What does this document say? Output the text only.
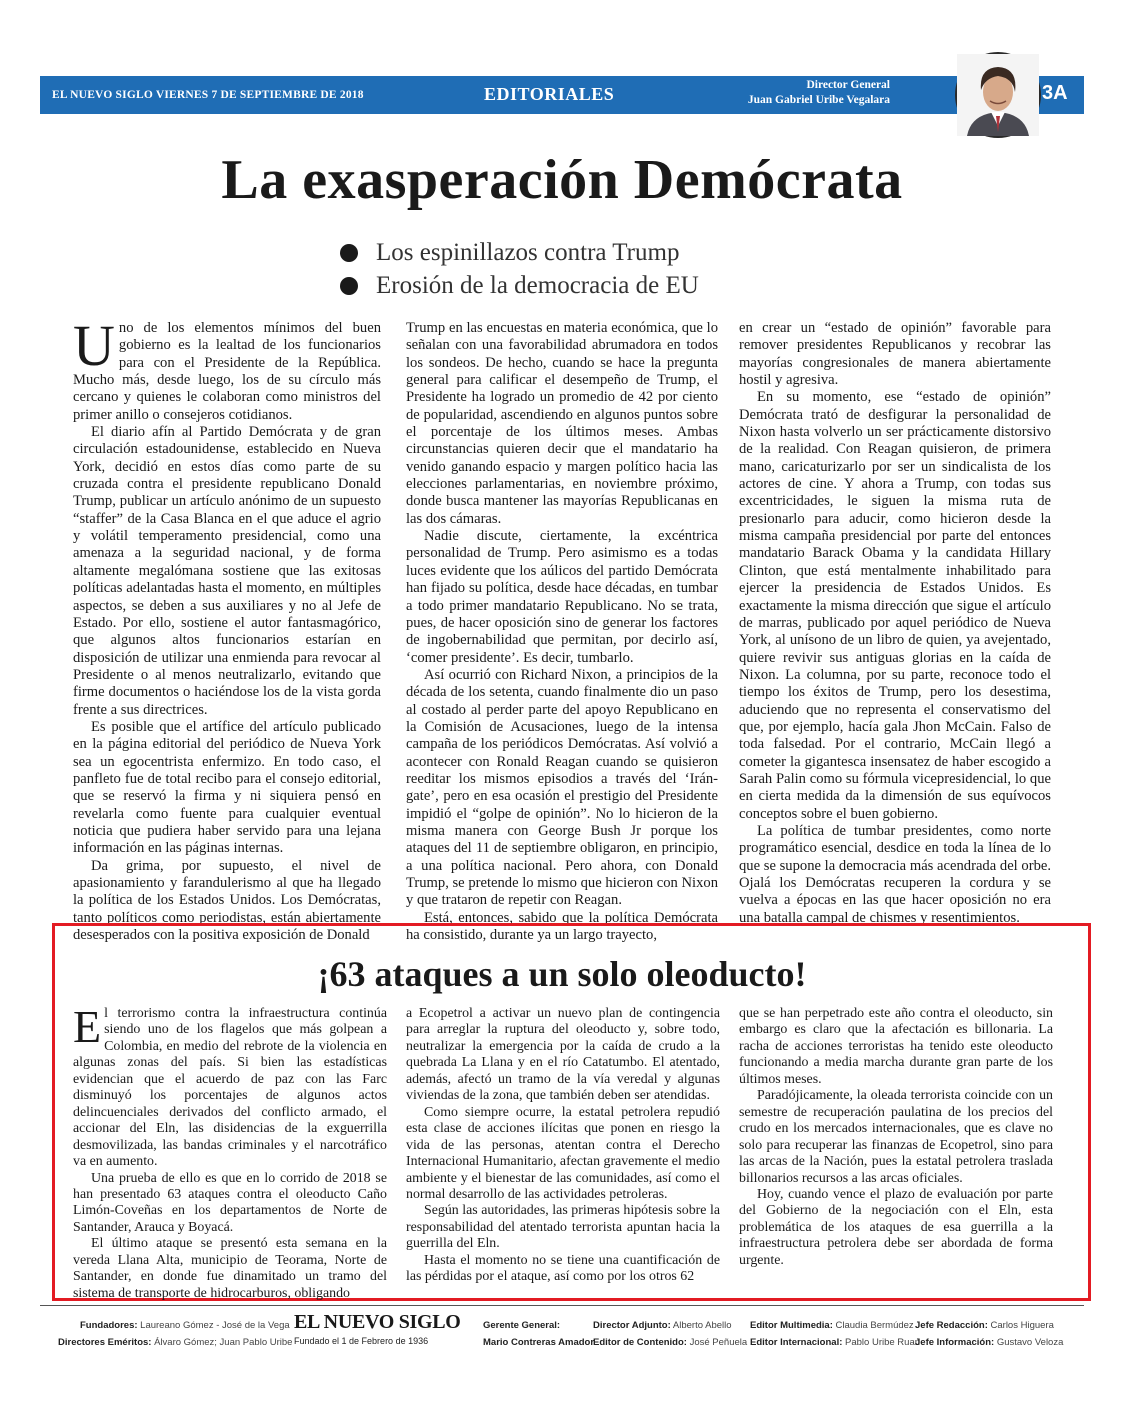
EL NUEVO SIGLO VIERNES 7 DE SEPTIEMBRE DE 2018	EDITORIALES	Director General
Juan Gabriel Uribe Vegalara	3A
La exasperación Demócrata
Los espinillazos contra Trump
Erosión de la democracia de EU
U no de los elementos mínimos del buen gobierno es la lealtad de los funcionarios para con el Presidente de la República. Mucho más, desde luego, los de su círculo más cercano y quienes le colaboran como ministros del primer anillo o consejeros cotidianos.

El diario afín al Partido Demócrata y de gran circulación estadounidense, establecido en Nueva York, decidió en estos días como parte de su cruzada contra el presidente republicano Donald Trump, publicar un artículo anónimo de un supuesto “staffer” de la Casa Blanca en el que aduce el agrio y volátil temperamento presidencial, como una amenaza a la seguridad nacional, y de forma altamente megalómana sostiene que las exitosas políticas adelantadas hasta el momento, en múltiples aspectos, se deben a sus auxiliares y no al Jefe de Estado. Por ello, sostiene el autor fantasmagórico, que algunos altos funcionarios estarían en disposición de utilizar una enmienda para revocar al Presidente o al menos neutralizarlo, evitando que firme documentos o haciéndose los de la vista gorda frente a sus directrices.

Es posible que el artífice del artículo publicado en la página editorial del periódico de Nueva York sea un egocentrista enfermizo. En todo caso, el panfleto fue de total recibo para el consejo editorial, que se reservó la firma y ni siquiera pensó en revelarla como fuente para cualquier eventual noticia que pudiera haber servido para una lejana información en las páginas internas.

Da grima, por supuesto, el nivel de apasionamiento y farandulerismo al que ha llegado la política de los Estados Unidos. Los Demócratas, tanto políticos como periodistas, están abiertamente desesperados con la positiva exposición de Donald

Trump en las encuestas en materia económica, que lo señalan con una favorabilidad abrumadora en todos los sondeos. De hecho, cuando se hace la pregunta general para calificar el desempeño de Trump, el Presidente ha logrado un promedio de 42 por ciento de popularidad, ascendiendo en algunos puntos sobre el porcentaje de los últimos meses. Ambas circunstancias quieren decir que el mandatario ha venido ganando espacio y margen político hacia las elecciones parlamentarias, en noviembre próximo, donde busca mantener las mayorías Republicanas en las dos cámaras.

Nadie discute, ciertamente, la excéntrica personalidad de Trump. Pero asimismo es a todas luces evidente que los aúlicos del partido Demócrata han fijado su política, desde hace décadas, en tumbar a todo primer mandatario Republicano. No se trata, pues, de hacer oposición sino de generar los factores de ingobernabilidad que permitan, por decirlo así, ‘comer presidente’. Es decir, tumbarlo.

Así ocurrió con Richard Nixon, a principios de la década de los setenta, cuando finalmente dio un paso al costado al perder parte del apoyo Republicano en la Comisión de Acusaciones, luego de la intensa campaña de los periódicos Demócratas. Así volvió a acontecer con Ronald Reagan cuando se quisieron reeditar los mismos episodios a través del ‘Irán-gate’, pero en esa ocasión el prestigio del Presidente impidió el “golpe de opinión”. No lo hicieron de la misma manera con George Bush Jr porque los ataques del 11 de septiembre obligaron, en principio, a una política nacional. Pero ahora, con Donald Trump, se pretende lo mismo que hicieron con Nixon y que trataron de repetir con Reagan.

Está, entonces, sabido que la política Demócrata ha consistido, durante ya un largo trayecto,

en crear un “estado de opinión” favorable para remover presidentes Republicanos y recobrar las mayorías congresionales de manera abiertamente hostil y agresiva.

En su momento, ese “estado de opinión” Demócrata trató de desfigurar la personalidad de Nixon hasta volverlo un ser prácticamente distorsivo de la realidad. Con Reagan quisieron, de primera mano, caricaturizarlo por ser un sindicalista de los actores de cine. Y ahora a Trump, con todas sus excentricidades, le siguen la misma ruta de presionarlo para aducir, como hicieron desde la misma campaña presidencial por parte del entonces mandatario Barack Obama y la candidata Hillary Clinton, que está mentalmente inhabilitado para ejercer la presidencia de Estados Unidos. Es exactamente la misma dirección que sigue el artículo de marras, publicado por aquel periódico de Nueva York, al unísono de un libro de quien, ya avejentado, quiere revivir sus antiguas glorias en la caída de Nixon. La columna, por su parte, reconoce todo el tiempo los éxitos de Trump, pero los desestima, aduciendo que no representa el conservatismo del que, por ejemplo, hacía gala Jhon McCain. Falso de toda falsedad. Por el contrario, McCain llegó a cometer la gigantesca insensatez de haber escogido a Sarah Palin como su fórmula vicepresidencial, lo que en cierta medida da la dimensión de sus equívocos conceptos sobre el buen gobierno.

La política de tumbar presidentes, como norte programático esencial, desdice en toda la línea de lo que se supone la democracia más acendrada del orbe. Ojalá los Demócratas recuperen la cordura y se vuelva a épocas en las que hacer oposición no era una batalla campal de chismes y resentimientos.

¡63 ataques a un solo oleoducto!
E l terrorismo contra la infraestructura continúa siendo uno de los flagelos que más golpean a Colombia, en medio del rebrote de la violencia en algunas zonas del país. Si bien las estadísticas evidencian que el acuerdo de paz con las Farc disminuyó los porcentajes de algunos actos delincuenciales derivados del conflicto armado, el accionar del Eln, las disidencias de la exguerrilla desmovilizada, las bandas criminales y el narcotráfico va en aumento.

Una prueba de ello es que en lo corrido de 2018 se han presentado 63 ataques contra el oleoducto Caño Limón-Coveñas en los departamentos de Norte de Santander, Arauca y Boyacá.

El último ataque se presentó esta semana en la vereda Llana Alta, municipio de Teorama, Norte de Santander, en donde fue dinamitado un tramo del sistema de transporte de hidrocarburos, obligando

a Ecopetrol a activar un nuevo plan de contingencia para arreglar la ruptura del oleoducto y, sobre todo, neutralizar la emergencia por la caída de crudo a la quebrada La Llana y en el río Catatumbo. El atentado, además, afectó un tramo de la vía veredal y algunas viviendas de la zona, que también deben ser atendidas.

Como siempre ocurre, la estatal petrolera repudió esta clase de acciones ilícitas que ponen en riesgo la vida de las personas, atentan contra el Derecho Internacional Humanitario, afectan gravemente el medio ambiente y el bienestar de las comunidades, así como el normal desarrollo de las actividades petroleras.

Según las autoridades, las primeras hipótesis sobre la responsabilidad del atentado terrorista apuntan hacia la guerrilla del Eln.

Hasta el momento no se tiene una cuantificación de las pérdidas por el ataque, así como por los otros 62

que se han perpetrado este año contra el oleoducto, sin embargo es claro que la afectación es billonaria. La racha de acciones terroristas ha tenido este oleoducto funcionando a media marcha durante gran parte de los últimos meses.

Paradójicamente, la oleada terrorista coincide con un semestre de recuperación paulatina de los precios del crudo en los mercados internacionales, que es clave no solo para recuperar las finanzas de Ecopetrol, sino para las arcas de la Nación, pues la estatal petrolera traslada billonarios recursos a las arcas oficiales.

Hoy, cuando vence el plazo de evaluación por parte del Gobierno de la negociación con el Eln, esta problemática de los ataques de esa guerrilla a la infraestructura petrolera debe ser abordada de forma urgente.

Fundadores: Laureano Gómez - José de la Vega
Directores Eméritos: Álvaro Gómez; Juan Pablo Uribe
EL NUEVO SIGLO
Fundado el 1 de Febrero de 1936
Gerente General:
Mario Contreras Amador
Director Adjunto: Alberto Abello
Editor de Contenido: José Peñuela
Editor Multimedia: Claudia Bermúdez
Editor Internacional: Pablo Uribe Ruan
Jefe Redacción: Carlos Higuera
Jefe Información: Gustavo Veloza
